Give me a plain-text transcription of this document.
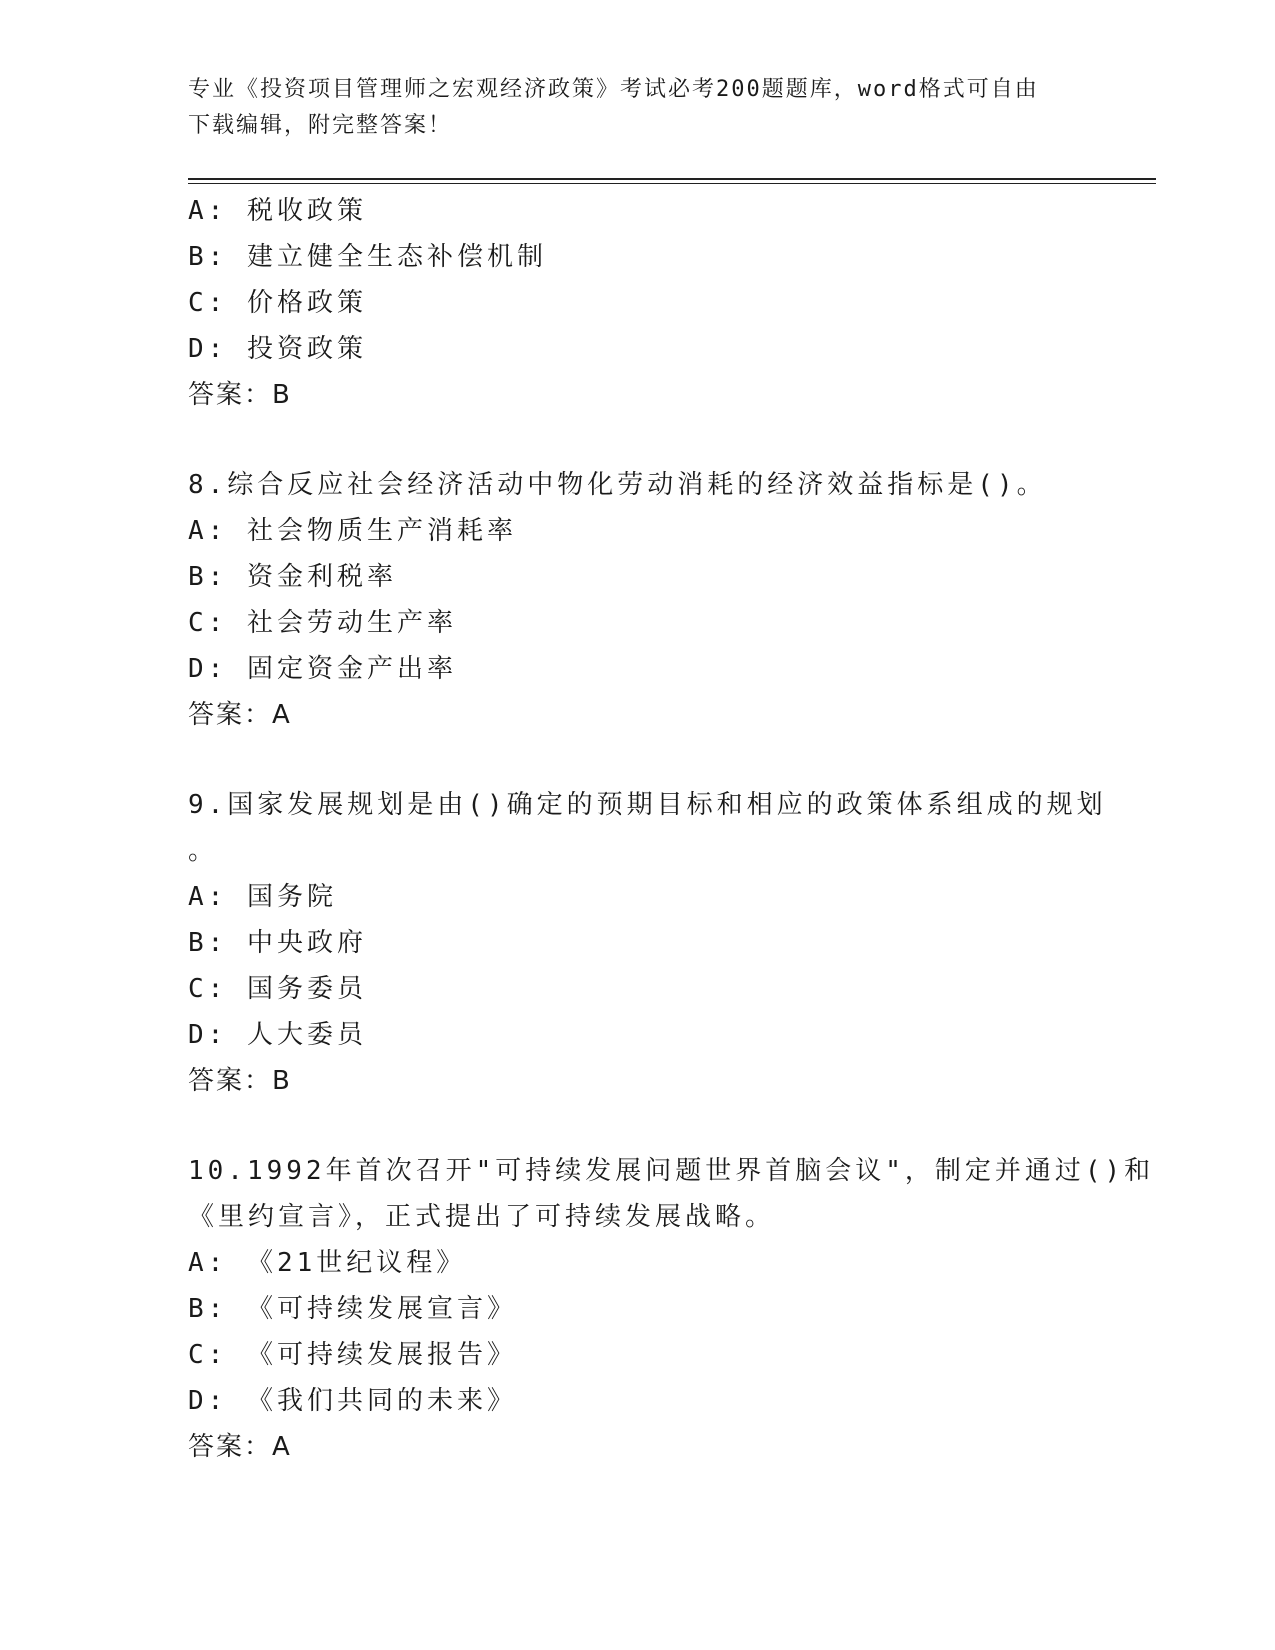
专业《投资项目管理师之宏观经济政策》考试必考200题题库，word格式可自由
下载编辑，附完整答案！
A: 税收政策
B: 建立健全生态补偿机制
C: 价格政策
D: 投资政策
答案：B
8.综合反应社会经济活动中物化劳动消耗的经济效益指标是()。
A: 社会物质生产消耗率
B: 资金利税率
C: 社会劳动生产率
D: 固定资金产出率
答案：A
9.国家发展规划是由()确定的预期目标和相应的政策体系组成的规划
。
A: 国务院
B: 中央政府
C: 国务委员
D: 人大委员
答案：B
10.1992年首次召开"可持续发展问题世界首脑会议"，制定并通过()和
《里约宣言》，正式提出了可持续发展战略。
A: 《21世纪议程》
B: 《可持续发展宣言》
C: 《可持续发展报告》
D: 《我们共同的未来》
答案：A
